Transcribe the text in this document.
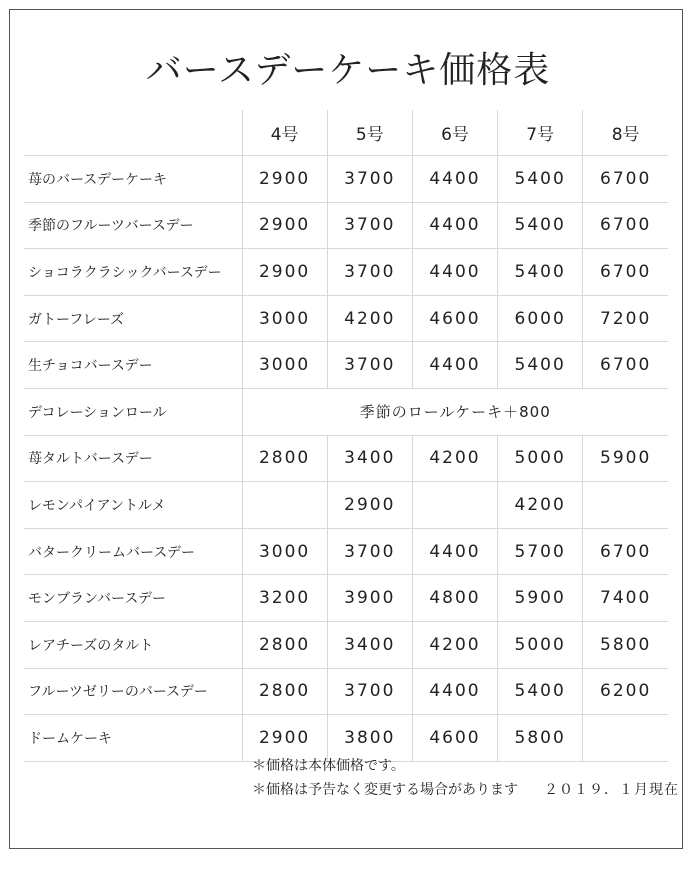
バースデーケーキ価格表
	4号	5号	6号	7号	8号
苺のバースデーケーキ	2900	3700	4400	5400	6700
季節のフルーツバースデー	2900	3700	4400	5400	6700
ショコラクラシックバースデー	2900	3700	4400	5400	6700
ガトーフレーズ	3000	4200	4600	6000	7200
生チョコバースデー	3000	3700	4400	5400	6700
デコレーションロール	季節のロールケーキ＋800				
苺タルトバースデー	2800	3400	4200	5000	5900
レモンパイアントルメ		2900		4200	
バタークリームバースデー	3000	3700	4400	5700	6700
モンブランバースデー	3200	3900	4800	5900	7400
レアチーズのタルト	2800	3400	4200	5000	5800
フルーツゼリーのバースデー	2800	3700	4400	5400	6200
ドームケーキ	2900	3800	4600	5800	
＊価格は本体価格です。
＊価格は予告なく変更する場合があります ２０１９．１月現在
